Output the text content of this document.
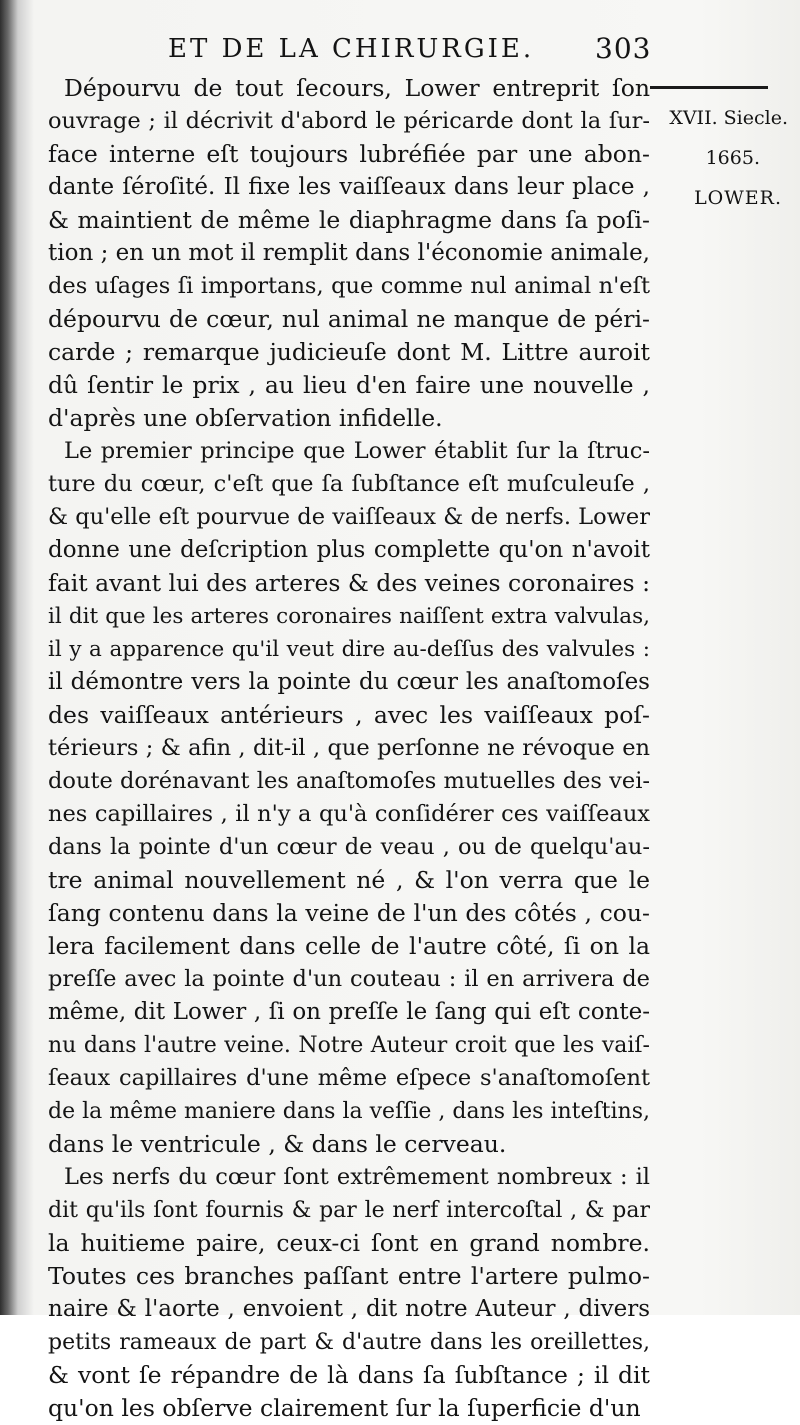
ET DE LA CHIRURGIE. 303
XVII. Siecle.
1665.
LOWER.
Dépourvu de tout ſecours, Lower entreprit ſon
ouvrage ; il décrivit d'abord le péricarde dont la ſur-
face interne eſt toujours lubréfiée par une abon-
dante ſéroſité. Il fixe les vaiſſeaux dans leur place ,
& maintient de même le diaphragme dans ſa poſi-
tion ; en un mot il remplit dans l'économie animale,
des uſages ſi importans, que comme nul animal n'eſt
dépourvu de cœur, nul animal ne manque de péri-
carde ; remarque judicieuſe dont M. Littre auroit
dû ſentir le prix , au lieu d'en faire une nouvelle ,
d'après une obſervation infidelle.
Le premier principe que Lower établit ſur la ſtruc-
ture du cœur, c'eſt que ſa ſubſtance eſt muſculeuſe ,
& qu'elle eſt pourvue de vaiſſeaux & de nerfs. Lower
donne une deſcription plus complette qu'on n'avoit
fait avant lui des arteres & des veines coronaires :
il dit que les arteres coronaires naiſſent extra valvulas,
il y a apparence qu'il veut dire au-deſſus des valvules :
il démontre vers la pointe du cœur les anaſtomoſes
des vaiſſeaux antérieurs , avec les vaiſſeaux poſ-
térieurs ; & afin , dit-il , que perſonne ne révoque en
doute dorénavant les anaſtomoſes mutuelles des vei-
nes capillaires , il n'y a qu'à conſidérer ces vaiſſeaux
dans la pointe d'un cœur de veau , ou de quelqu'au-
tre animal nouvellement né , & l'on verra que le
ſang contenu dans la veine de l'un des côtés , cou-
lera facilement dans celle de l'autre côté, ſi on la
preſſe avec la pointe d'un couteau : il en arrivera de
même, dit Lower , ſi on preſſe le ſang qui eſt conte-
nu dans l'autre veine. Notre Auteur croit que les vaiſ-
ſeaux capillaires d'une même eſpece s'anaſtomoſent
de la même maniere dans la veſſie , dans les inteſtins,
dans le ventricule , & dans le cerveau.
Les nerfs du cœur ſont extrêmement nombreux : il
dit qu'ils ſont fournis & par le nerf intercoſtal , & par
la huitieme paire, ceux-ci ſont en grand nombre.
Toutes ces branches paſſant entre l'artere pulmo-
naire & l'aorte , envoient , dit notre Auteur , divers
petits rameaux de part & d'autre dans les oreillettes,
& vont ſe répandre de là dans ſa ſubſtance ; il dit
qu'on les obſerve clairement ſur la ſuperficie d'un
